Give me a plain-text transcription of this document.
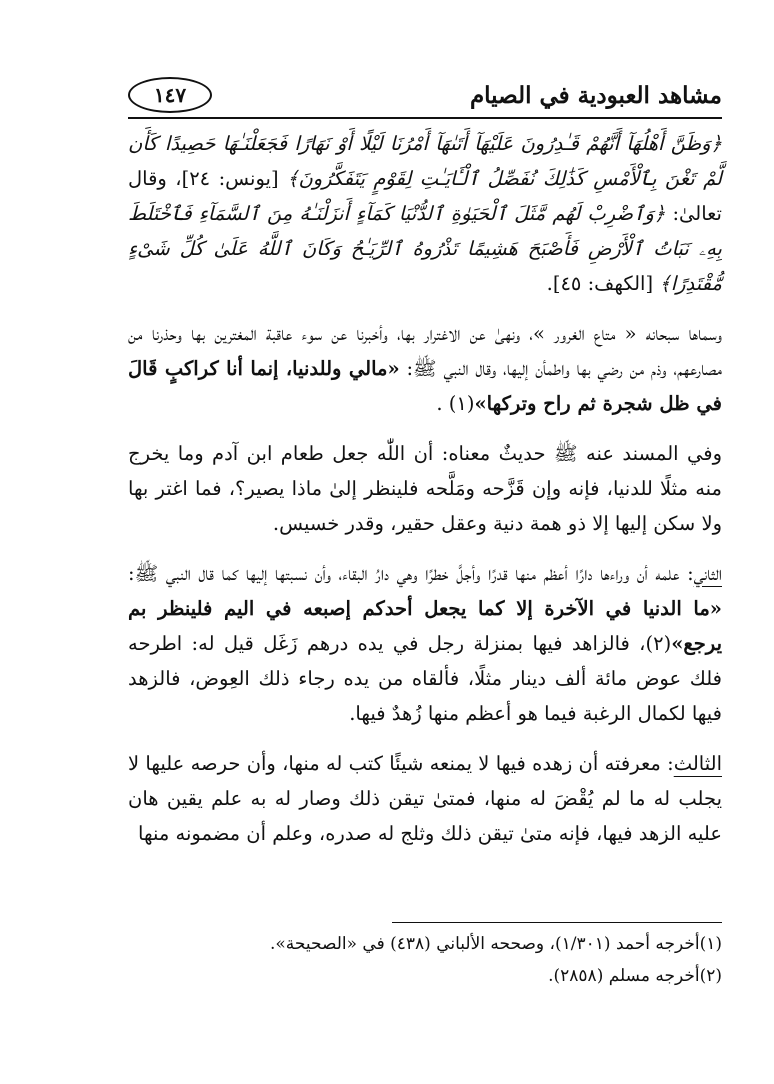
مشاهد العبودية في الصيام
١٤٧

﴿وَظَنَّ أَهْلُهَآ أَنَّهُمْ قَـٰدِرُونَ عَلَيْهَآ أَتَىٰهَآ أَمْرُنَا لَيْلًا أَوْ نَهَارًا فَجَعَلْنَـٰهَا حَصِيدًا كَأَن لَّمْ تَغْنَ بِٱلْأَمْسِ كَذَٰلِكَ نُفَصِّلُ ٱلْـَٔايَـٰتِ لِقَوْمٍ يَتَفَكَّرُونَ﴾ [يونس: ٢٤]، وقال تعالىٰ: ﴿وَٱضْرِبْ لَهُم مَّثَلَ ٱلْحَيَوٰةِ ٱلدُّنْيَا كَمَآءٍ أَنزَلْنَـٰهُ مِنَ ٱلسَّمَآءِ فَٱخْتَلَطَ بِهِۦ نَبَاتُ ٱلْأَرْضِ فَأَصْبَحَ هَشِيمًا تَذْرُوهُ ٱلرِّيَـٰحُ وَكَانَ ٱللَّهُ عَلَىٰ كُلِّ شَىْءٍ مُّقْتَدِرًا﴾ [الكهف: ٤٥].

وسماها سبحانه « متاع الغرور »، ونهىٰ عن الاغترار بها، وأخبرنا عن سوء عاقبة المغترين بها وحذرنا من مصارعهم، وذم من رضي بها واطمأن إليها، وقال النبي ﷺ: «مالي وللدنيا، إنما أنا كراكبٍ قَالَ في ظل شجرة ثم راح وتركها»(١) .

وفي المسند عنه ﷺ حديثٌ معناه: أن اللّٰه جعل طعام ابن آدم وما يخرج منه مثلًا للدنيا، فإنه وإن قَزَّحه ومَلَّحه فلينظر إلىٰ ماذا يصير؟، فما اغتر بها ولا سكن إليها إلا ذو همة دنية وعقل حقير، وقدر خسيس.

الثاني: علمه أن وراءها دارًا أعظم منها قدرًا وأجلَّ خطرًا وهي دارُ البقاء، وأن نسبتها إليها كما قال النبي ﷺ: «ما الدنيا في الآخرة إلا كما يجعل أحدكم إصبعه في اليم فلينظر بم يرجع»(٢)، فالزاهد فيها بمنزلة رجل في يده درهم زَغَل قيل له: اطرحه فلك عوض مائة ألف دينار مثلًا، فألقاه من يده رجاء ذلك العِوض، فالزهد فيها لكمال الرغبة فيما هو أعظم منها زُهدٌ فيها.

الثالث: معرفته أن زهده فيها لا يمنعه شيئًا كتب له منها، وأن حرصه عليها لا يجلب له ما لم يُقْضَ له منها، فمتىٰ تيقن ذلك وصار له به علم يقين هان عليه الزهد فيها، فإنه متىٰ تيقن ذلك وثلج له صدره، وعلم أن مضمونه منها

(١)أخرجه أحمد (١/٣٠١)، وصححه الألباني (٤٣٨) في «الصحيحة».
(٢)أخرجه مسلم (٢٨٥٨).
